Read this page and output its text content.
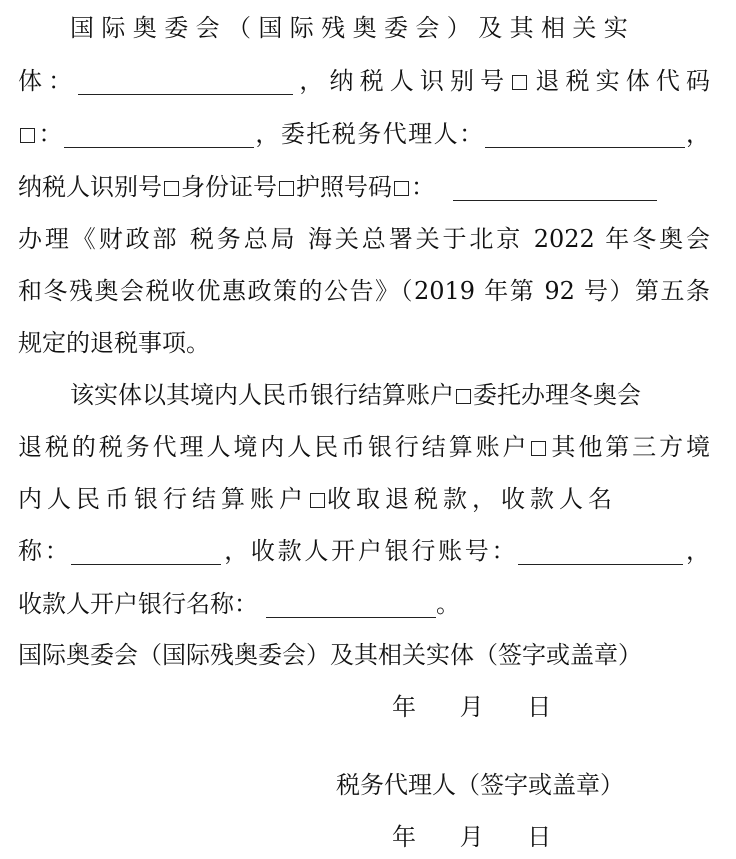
国际奥委会（国际残奥委会）及其相关实
体：	，纳税人识别号 退税实体代码
：	，委托税务代理人：	，
纳税人识别号 身份证号 护照号码 ：
办理《财政部 税务总局 海关总署关于北京 2022 年冬奥会
和冬残奥会税收优惠政策的公告》（2019 年第 92 号）第五条
规定的退税事项。
该实体以其境内人民币银行结算账户 委托办理冬奥会
退税的税务代理人境内人民币银行结算账户 其他第三方境
内人民币银行结算账户 收取退税款，收款人名
称：	，收款人开户银行账号：	，
收款人开户银行名称：	。
国际奥委会（国际残奥委会）及其相关实体（签字或盖章）
年 月 日
税务代理人（签字或盖章）
年 月 日
